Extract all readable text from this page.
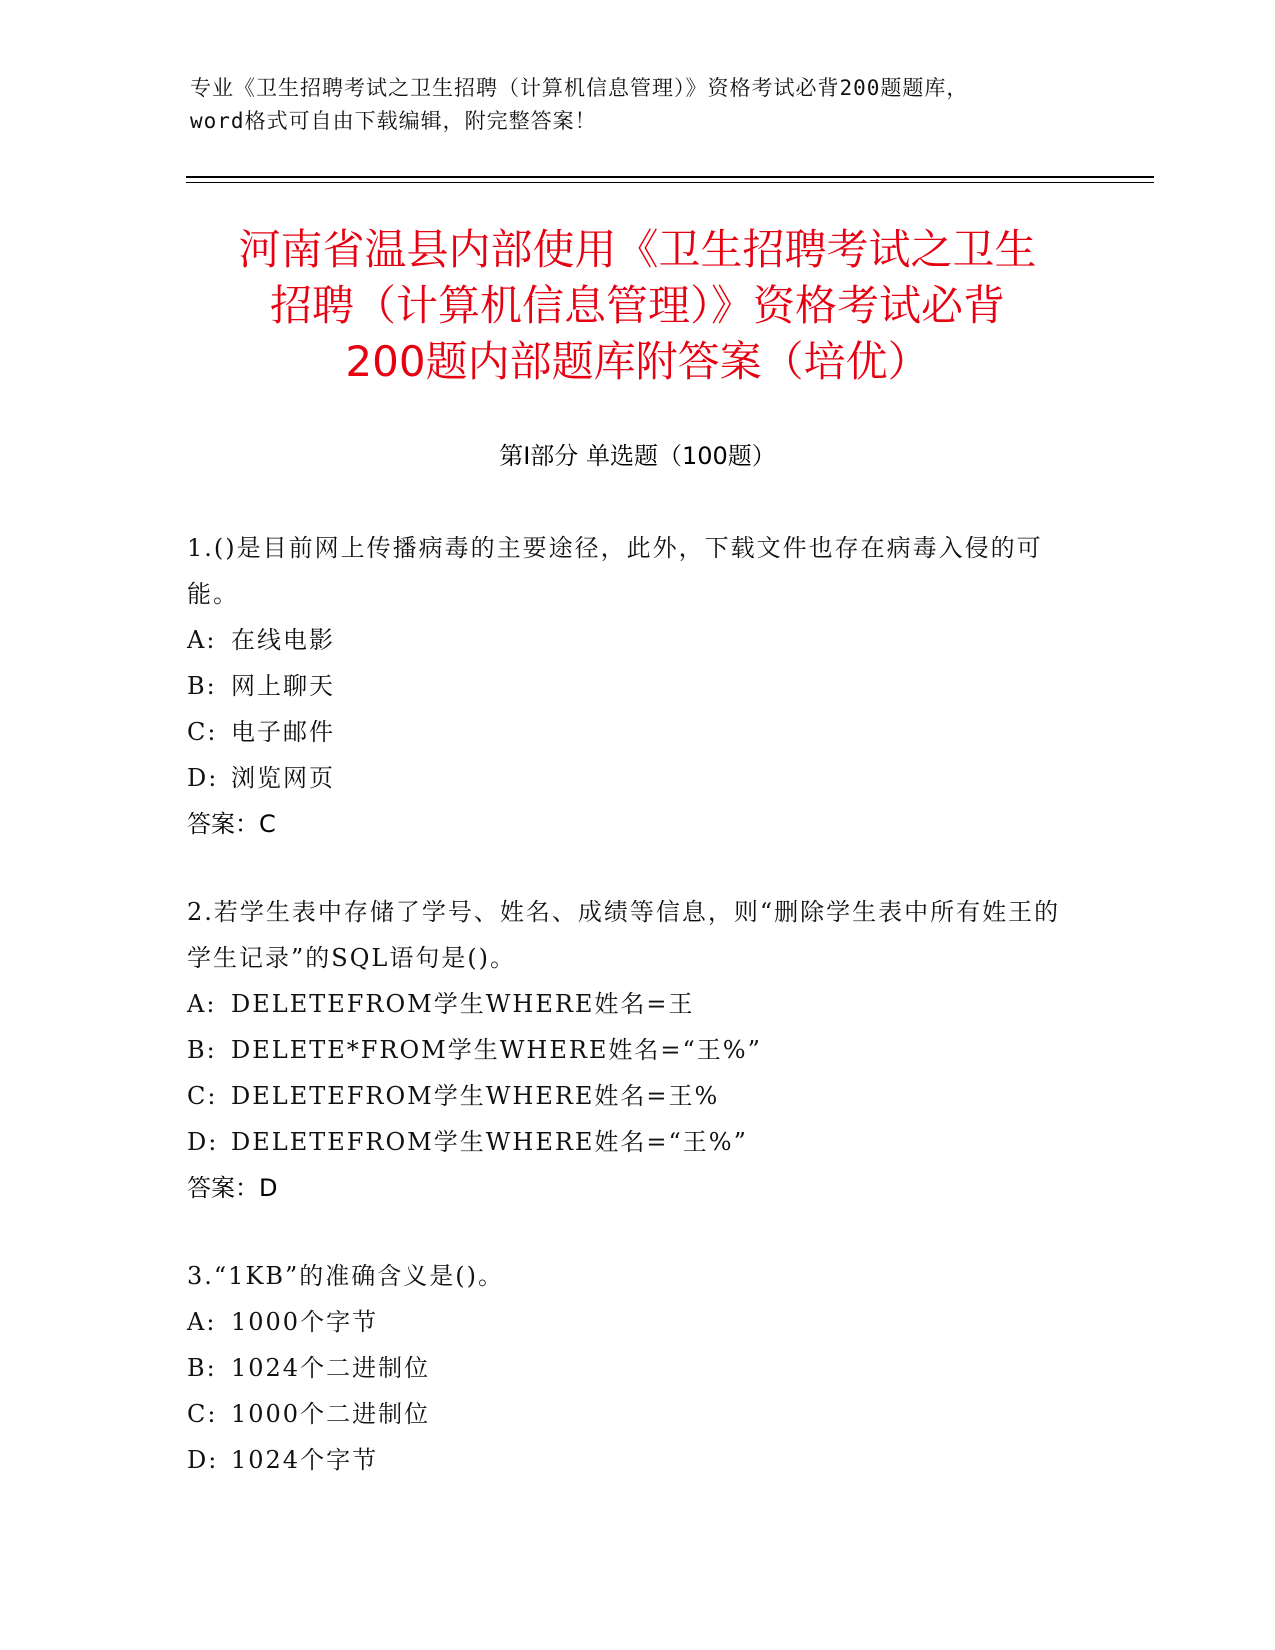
专业《卫生招聘考试之卫生招聘（计算机信息管理）》资格考试必背200题题库，
word格式可自由下载编辑，附完整答案！
河南省温县内部使用《卫生招聘考试之卫生
招聘（计算机信息管理）》资格考试必背
200题内部题库附答案（培优）
第Ⅰ部分 单选题（100题）
1.()是目前网上传播病毒的主要途径，此外，下载文件也存在病毒入侵的可能。
A: 在线电影
B: 网上聊天
C: 电子邮件
D: 浏览网页
答案：C
2.若学生表中存储了学号、姓名、成绩等信息，则“删除学生表中所有姓王的学生记录”的SQL语句是()。
A: DELETEFROM学生WHERE姓名=王
B: DELETE*FROM学生WHERE姓名=“王%”
C: DELETEFROM学生WHERE姓名=王%
D: DELETEFROM学生WHERE姓名=“王%”
答案：D
3.“1KB”的准确含义是()。
A: 1000个字节
B: 1024个二进制位
C: 1000个二进制位
D: 1024个字节
